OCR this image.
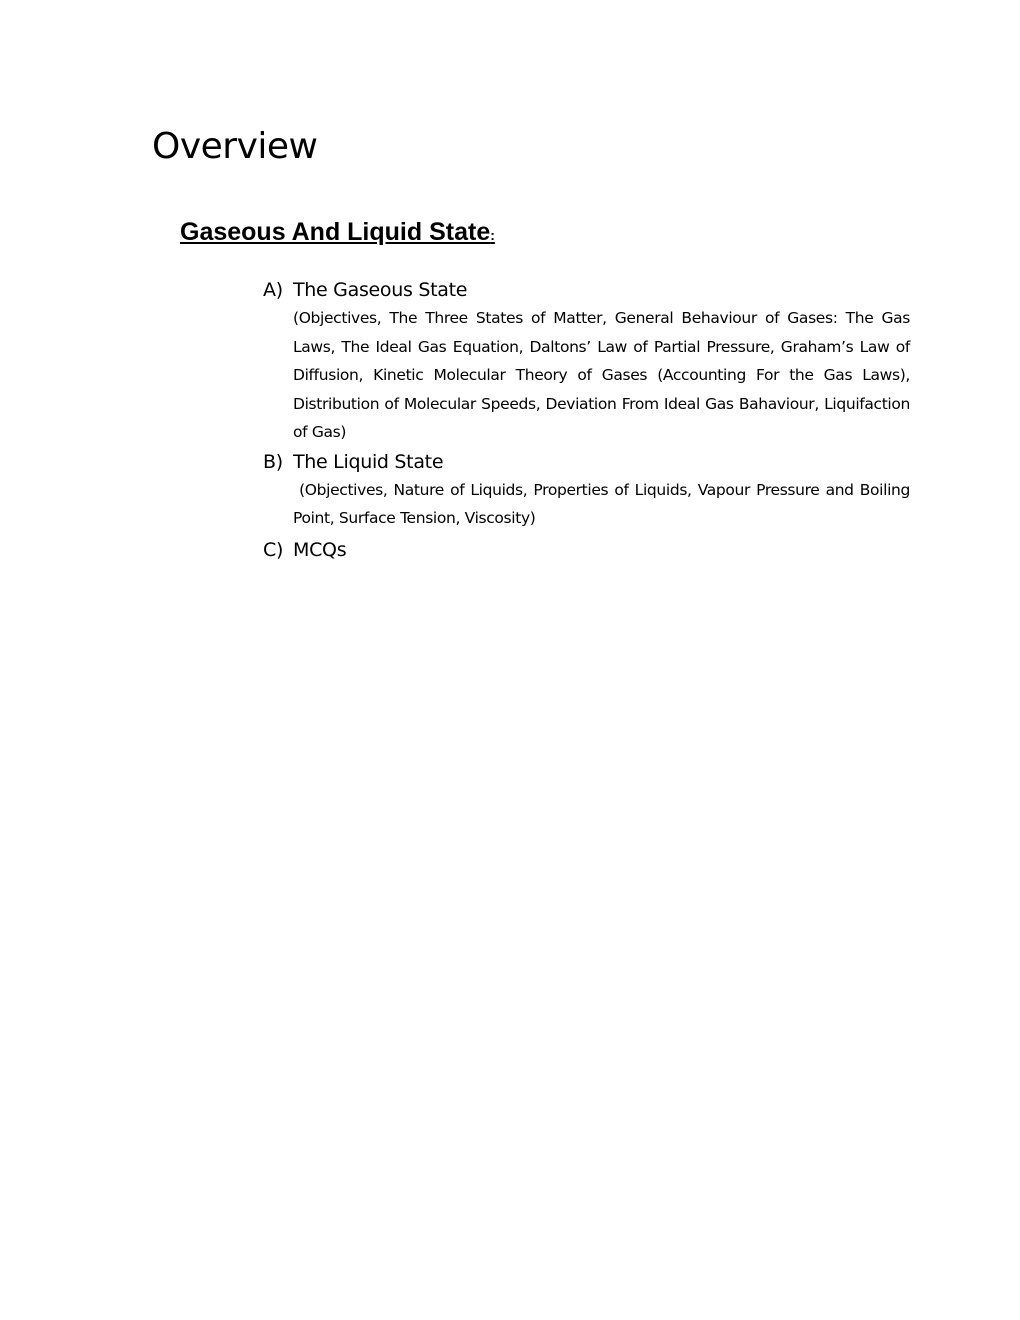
Overview
Gaseous And Liquid State:
A) The Gaseous State
(Objectives, The Three States of Matter, General Behaviour of Gases: The Gas Laws, The Ideal Gas Equation, Daltons’ Law of Partial Pressure, Graham’s Law of Diffusion, Kinetic Molecular Theory of Gases (Accounting For the Gas Laws), Distribution of Molecular Speeds, Deviation From Ideal Gas Bahaviour, Liquifaction of Gas)
B) The Liquid State
(Objectives, Nature of Liquids, Properties of Liquids, Vapour Pressure and Boiling Point, Surface Tension, Viscosity)
C) MCQs
